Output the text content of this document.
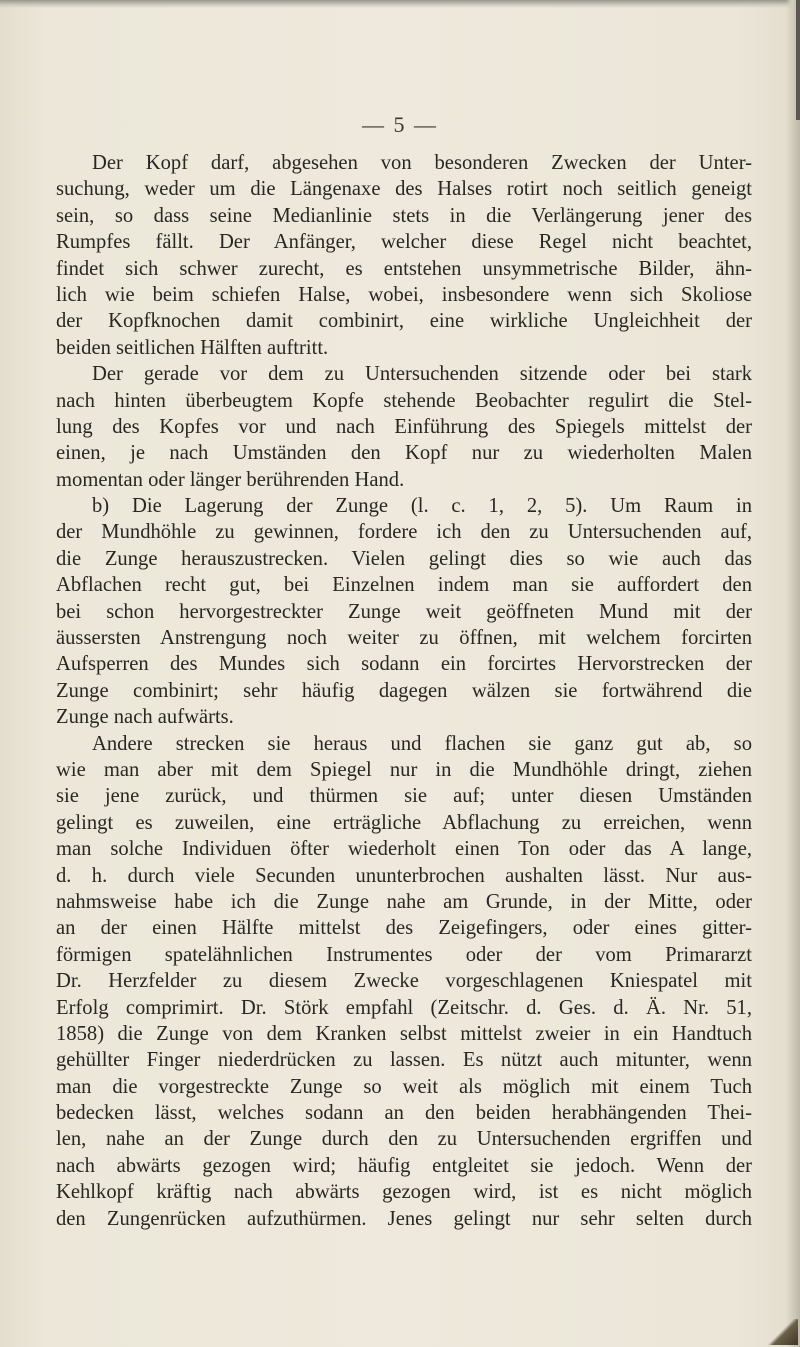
— 5 —
Der Kopf darf, abgesehen von besonderen Zwecken der Unter-
suchung, weder um die Längenaxe des Halses rotirt noch seitlich geneigt
sein, so dass seine Medianlinie stets in die Verlängerung jener des
Rumpfes fällt. Der Anfänger, welcher diese Regel nicht beachtet,
findet sich schwer zurecht, es entstehen unsymmetrische Bilder, ähn-
lich wie beim schiefen Halse, wobei, insbesondere wenn sich Skoliose
der Kopfknochen damit combinirt, eine wirkliche Ungleichheit der
beiden seitlichen Hälften auftritt.
Der gerade vor dem zu Untersuchenden sitzende oder bei stark
nach hinten überbeugtem Kopfe stehende Beobachter regulirt die Stel-
lung des Kopfes vor und nach Einführung des Spiegels mittelst der
einen, je nach Umständen den Kopf nur zu wiederholten Malen
momentan oder länger berührenden Hand.
b) Die Lagerung der Zunge (l. c. 1, 2, 5). Um Raum in
der Mundhöhle zu gewinnen, fordere ich den zu Untersuchenden auf,
die Zunge herauszustrecken. Vielen gelingt dies so wie auch das
Abflachen recht gut, bei Einzelnen indem man sie auffordert den
bei schon hervorgestreckter Zunge weit geöffneten Mund mit der
äussersten Anstrengung noch weiter zu öffnen, mit welchem forcirten
Aufsperren des Mundes sich sodann ein forcirtes Hervorstrecken der
Zunge combinirt; sehr häufig dagegen wälzen sie fortwährend die
Zunge nach aufwärts.
Andere strecken sie heraus und flachen sie ganz gut ab, so
wie man aber mit dem Spiegel nur in die Mundhöhle dringt, ziehen
sie jene zurück, und thürmen sie auf; unter diesen Umständen
gelingt es zuweilen, eine erträgliche Abflachung zu erreichen, wenn
man solche Individuen öfter wiederholt einen Ton oder das A lange,
d. h. durch viele Secunden ununterbrochen aushalten lässt. Nur aus-
nahmsweise habe ich die Zunge nahe am Grunde, in der Mitte, oder
an der einen Hälfte mittelst des Zeigefingers, oder eines gitter-
förmigen spatelähnlichen Instrumentes oder der vom Primararzt
Dr. Herzfelder zu diesem Zwecke vorgeschlagenen Kniespatel mit
Erfolg comprimirt. Dr. Störk empfahl (Zeitschr. d. Ges. d. Ä. Nr. 51,
1858) die Zunge von dem Kranken selbst mittelst zweier in ein Handtuch
gehüllter Finger niederdrücken zu lassen. Es nützt auch mitunter, wenn
man die vorgestreckte Zunge so weit als möglich mit einem Tuch
bedecken lässt, welches sodann an den beiden herabhängenden Thei-
len, nahe an der Zunge durch den zu Untersuchenden ergriffen und
nach abwärts gezogen wird; häufig entgleitet sie jedoch. Wenn der
Kehlkopf kräftig nach abwärts gezogen wird, ist es nicht möglich
den Zungenrücken aufzuthürmen. Jenes gelingt nur sehr selten durch
